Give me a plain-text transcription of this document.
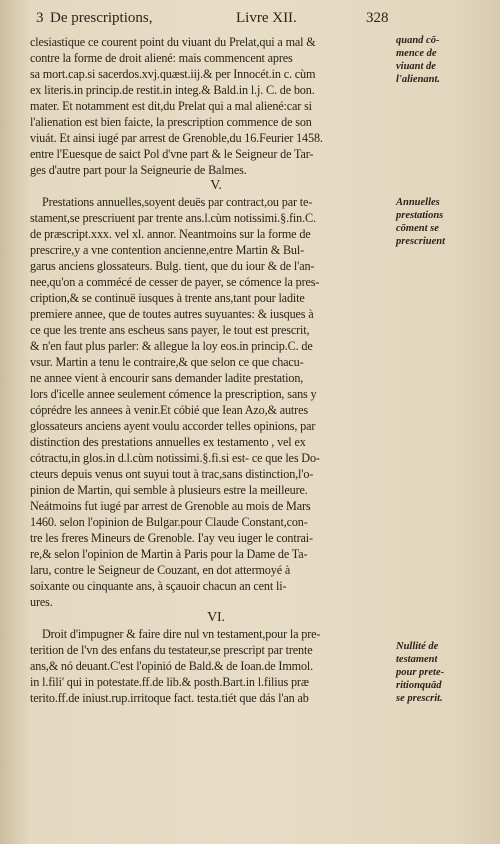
3 De prescriptions,	Livre XII.	328
clesiastique ce courent point du viuant du Prelat,qui a mal &
contre la forme de droit aliené: mais commencent apres
sa mort.cap.si sacerdos.xvj.quæst.iij.& per Innocét.in c. cùm
ex literis.in princip.de restit.in integ.& Bald.in l.j. C. de bon.
mater. Et notamment est dit,du Prelat qui a mal aliené:car si
l'alienation est bien faicte, la prescription commence de son
viuát. Et ainsi iugé par arrest de Grenoble,du 16.Feurier 1458.
entre l'Euesque de saict Pol d'vne part & le Seigneur de Tar-
ges d'autre part pour la Seigneurie de Balmes.
V.
Prestations annuelles,soyent deuës par contract,ou par te-
stament,se prescriuent par trente ans.l.cùm notissimi.§.fin.C.
de præscript.xxx. vel xl. annor. Neantmoins sur la forme de
prescrire,y a vne contention ancienne,entre Martin & Bul-
garus anciens glossateurs. Bulg. tient, que du iour & de l'an-
nee,qu'on a commécé de cesser de payer, se cómence la pres-
cription,& se continuë iusques à trente ans,tant pour ladite
premiere annee, que de toutes autres suyuantes: & iusques à
ce que les trente ans escheus sans payer, le tout est prescrit,
& n'en faut plus parler: & allegue la loy eos.in princip.C. de
vsur. Martin a tenu le contraire,& que selon ce que chacu-
ne annee vient à encourir sans demander ladite prestation,
lors d'icelle annee seulement cómence la prescription, sans y
cóprédre les annees à venir.Et cóbié que Iean Azo,& autres
glossateurs anciens ayent voulu accorder telles opinions, par
distinction des prestations annuelles ex testamento , vel ex
cótractu,in glos.in d.l.cùm notissimi.§.fi.si est- ce que les Do-
cteurs depuis venus ont suyui tout à trac,sans distinction,l'o-
pinion de Martin, qui semble à plusieurs estre la meilleure.
Neátmoins fut iugé par arrest de Grenoble au mois de Mars
1460. selon l'opinion de Bulgar.pour Claude Constant,con-
tre les freres Mineurs de Grenoble. I'ay veu iuger le contrai-
re,& selon l'opinion de Martin à Paris pour la Dame de Ta-
laru, contre le Seigneur de Couzant, en dot attermoyé à
soixante ou cinquante ans, à sçauoir chacun an cent li-
ures.
VI.
Droit d'impugner & faire dire nul vn testament,pour la pre-
terition de l'vn des enfans du testateur,se prescript par trente
ans,& nó deuant.C'est l'opinió de Bald.& de Ioan.de Immol.
in l.fili' qui in potestate.ff.de lib.& posth.Bart.in l.filius præ
terito.ff.de iniust.rup.irritoque fact. testa.tiét que dás l'an ab
quand cō-
mence de
viuant de
l'alienant.
Annuelles
prestations
cōment se
prescriuent
Nullité de
testament
pour prete-
ritionquād
se prescrit.
